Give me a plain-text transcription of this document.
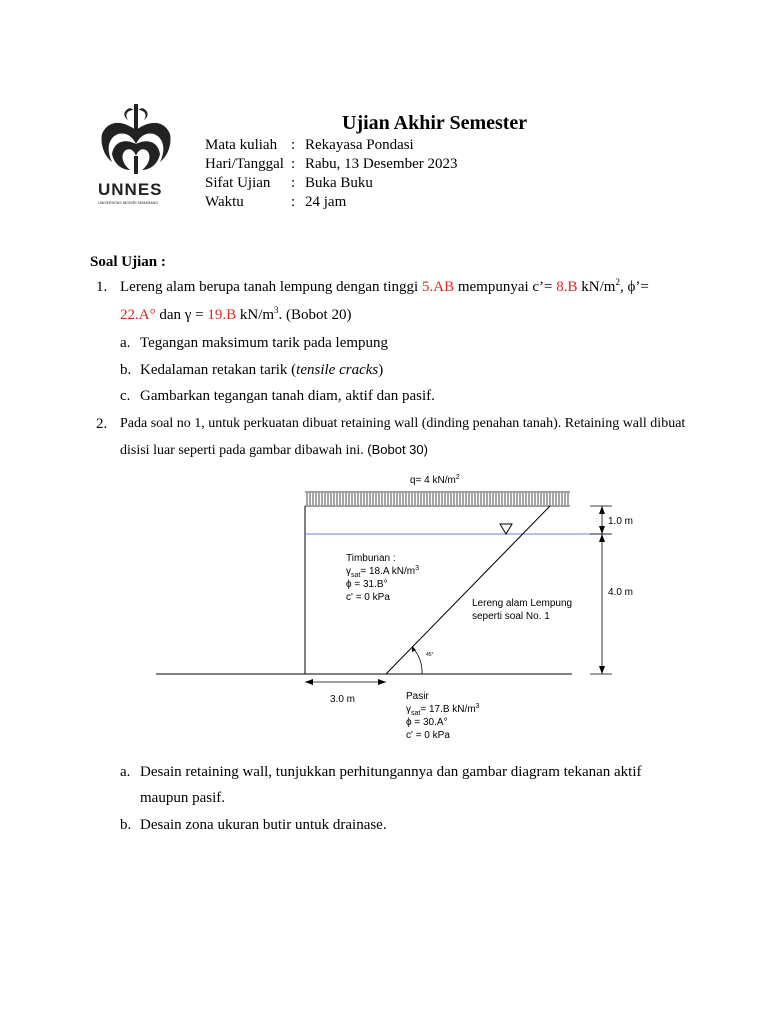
UNNES
UNIVERSITAS NEGERI SEMARANG
Ujian Akhir Semester
Mata kuliah : Rekayasa Pondasi
Hari/Tanggal : Rabu, 13 Desember 2023
Sifat Ujian	: Buka Buku
Waktu	: 24 jam
Soal Ujian :
1. Lereng alam berupa tanah lempung dengan tinggi 5.AB mempunyai c’= 8.B $kN/m^2$, ϕ’=
22.A° dan γ = 19.B $kN/m^3$. (Bobot 20)
a. Tegangan maksimum tarik pada lempung
b. Kedalaman retakan tarik (tensile cracks)
c. Gambarkan tegangan tanah diam, aktif dan pasif.
2. Pada soal no 1, untuk perkuatan dibuat retaining wall (dinding penahan tanah). Retaining wall dibuat
disisi luar seperti pada gambar dibawah ini. (Bobot 30)
q= 4 $kN/m^2$
1.0 m
4.0 m
3.0 m
45°
Timbunan :
$\gamma_{sat}= 18.A$ $kN/m^3$
ϕ = 31.B°
c' = 0 kPa
Lereng alam Lempung
seperti soal No. 1
Pasir
$\gamma_{sat}= 17.B$ $kN/m^3$
ϕ = 30.A°
c' = 0 kPa
a. Desain retaining wall, tunjukkan perhitungannya dan gambar diagram tekanan aktif
maupun pasif.
b. Desain zona ukuran butir untuk drainase.
